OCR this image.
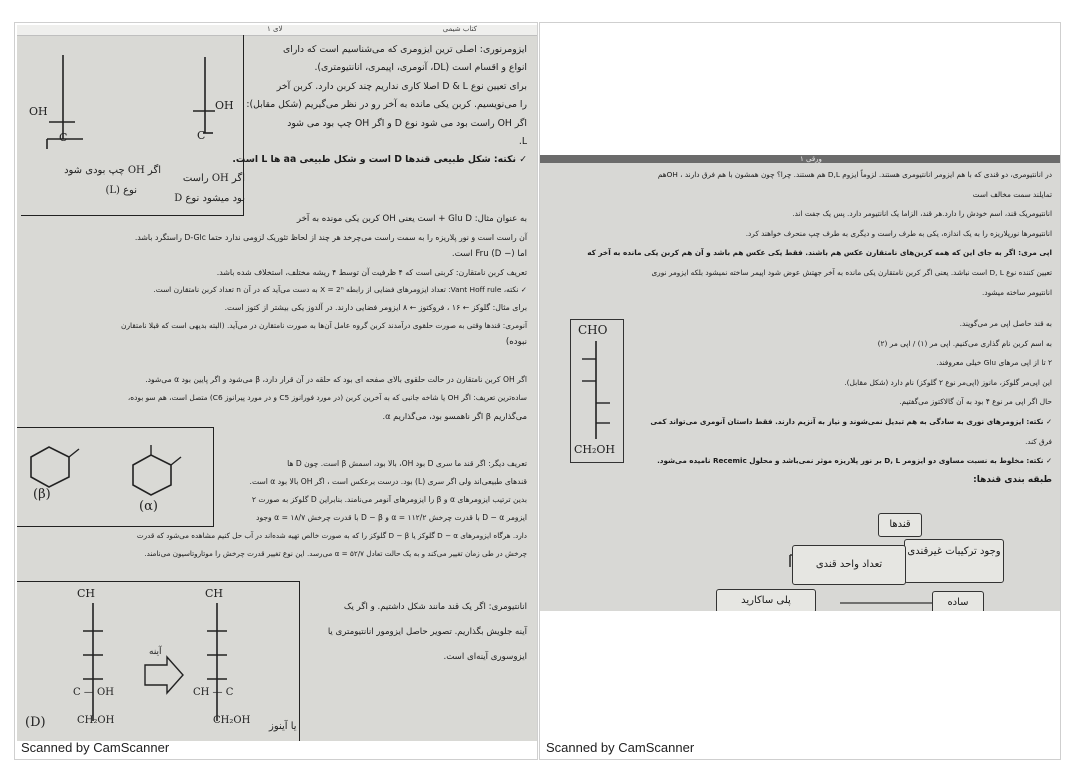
لای ۱	کتاب شیمی
OH	OH
C	C
اگر OH چپ بودی شود
نوع (L)
اگر OH راست
بود میشود نوع D

ایزومرنوری: اصلی ترین ایزومری که می‌شناسیم است که دارای

انواع و اقسام است (DL، آنومری، اپیمری، انانتیومتری).

برای تعیین نوع D & L اصلا کاری نداریم چند کربن دارد. کربن آخر

را می‌نویسیم. کربن یکی مانده به آخر رو در نظر می‌گیریم (شکل مقابل):

اگر OH راست بود می شود نوع D و اگر OH چپ بود می شود

L.

✓ نکته: شکل طبیعی قندها D است و شکل طبیعی aa ها L است.

به عنوان مثال: Glu D + است یعنی OH کربن یکی مونده به آخر

آن راست است و نور پلاریزه را به سمت راست می‌چرخد هر چند از لحاظ تئوریک لزومی ندارد حتما D-Glc راستگرد باشد.

اما Fru (D −) است.

تعریف کربن نامتقارن: کربنی است که ۴ ظرفیت آن توسط ۴ ریشه مختلف، استخلاف شده باشد.

✓ نکته، Vant Hoff rule: تعداد ایزومرهای فضایی از رابطه X = 2ⁿ به دست می‌آید که در آن n تعداد کربن نامتقارن است.

برای مثال: گلوکز ← ۱۶ ، فروکتوز ← ۸ ایزومر فضایی دارند. در آلدوز یکی بیشتر از کتوز است.

آنومری: قندها وقتی به صورت حلقوی درآمدند کربن گروه عامل آن‌ها به صورت نامتقارن در می‌آید. (البته بدیهی است که قبلا نامتقارن

نبوده)

(β)
(α)

اگر OH کربن نامتقارن در حالت حلقوی بالای صفحه ای بود که حلقه در آن قرار دارد، β می‌شود و اگر پایین بود α می‌شود.

ساده‌ترین تعریف: اگر OH یا شاخه جانبی که به آخرین کربن (در مورد فورانوز C5 و در مورد پیرانوز C6) متصل است، هم سو بوده،

می‌گذاریم β اگر ناهمسو بود، می‌گذاریم α.

تعریف دیگر: اگر قند ما سری D بود OH، بالا بود، اسمش β است. چون D ها

قندهای طبیعی‌اند ولی اگر سری (L) بود. درست برعکس است ، اگر OH بالا بود α است.

بدین ترتیب ایزومرهای α و β را ایزومرهای آنومر می‌نامند. بنابراین D گلوکز به صورت ۲

ایزومر D − α با قدرت چرخش α = ۱۱۲/۲ و D − β با قدرت چرخش α = ۱۸/۷ وجود

دارد. هرگاه ایزومرهای D − α گلوکز یا D − β گلوکز را که به صورت خالص تهیه شده‌اند در آب حل کنیم مشاهده می‌شود که قدرت

چرخش در طی زمان تغییر می‌کند و به یک حالت تعادل α = ۵۲/۷ می‌رسد. این نوع تغییر قدرت چرخش را موتاروتاسیون می‌نامند.

CH	CH
C — OH	CH — C
CH₂OH	CH₂OH
(D)
آینه
یا آینوز

انانتیومری: اگر یک قند مانند شکل داشتیم. و اگر یک

آینه جلویش بگذاریم. تصویر حاصل ایزومور انانتیومتری یا

ایزوسوری آینه‌ای است.

Scanned by CamScanner
ورقی ۱

در انانتیومری، دو قندی که با هم ایزومر انانتیومری هستند. لزوماً ایزوم D,L هم هستند. چرا؟ چون همشون با هم فرق دارند ، OH‌هم

تمایلند سمت مخالف است

انانتیومریک قند، اسم خودش را دارد.هر قند، الزاما یک انانتیومر دارد. پس یک جفت اند.

انانتیومرها نورپلاریزه را به یک اندازه، یکی به طرف راست و دیگری به طرف چپ منحرف خواهند کرد.

اپی مری: اگر به جای این که همه کربن‌های نامتقارن عکس هم باشند. فقط یکی عکس هم باشد و آن هم کربن یکی مانده به آخر که

تعیین کننده نوع D, L است نباشد. یعنی اگر کربن نامتقارن یکی مانده به آخر جهتش عوض شود اپیمر ساخته نمیشود بلکه ایزومر نوری

انانتیومر ساخته میشود.

به قند حاصل اپی مر می‌گویند.

به اسم کربن نام گذاری می‌کنیم. اپی مر (۱) / اپی مر (۲)

۲ تا از اپی مرهای Glu خیلی معروفند.

این اپی‌مر گلوکز، مانوز (اپی‌مر نوع ۲ گلوکز) نام دارد (شکل مقابل).

حال اگر اپی مر نوع ۴ بود به آن گالاکتوز می‌گفتیم.

✓ نکته: ایزومرهای نوری به سادگی به هم تبدیل نمی‌شوند و نیاز به آنزیم دارند. فقط داستان آنومری می‌تواند کمی

فرق کند.

✓ نکته: مخلوط به نسبت مساوی دو ایزومر D, L بر نور پلاریزه موثر نمی‌باشد و محلول Recemic نامیده می‌شود.

طبقه بندی قندها:

CHO
CH₂OH
قندها
وجود ترکیبات غیرقندی
تعداد واحد قندی
ساده
پلی ساکارید
Scanned by CamScanner
